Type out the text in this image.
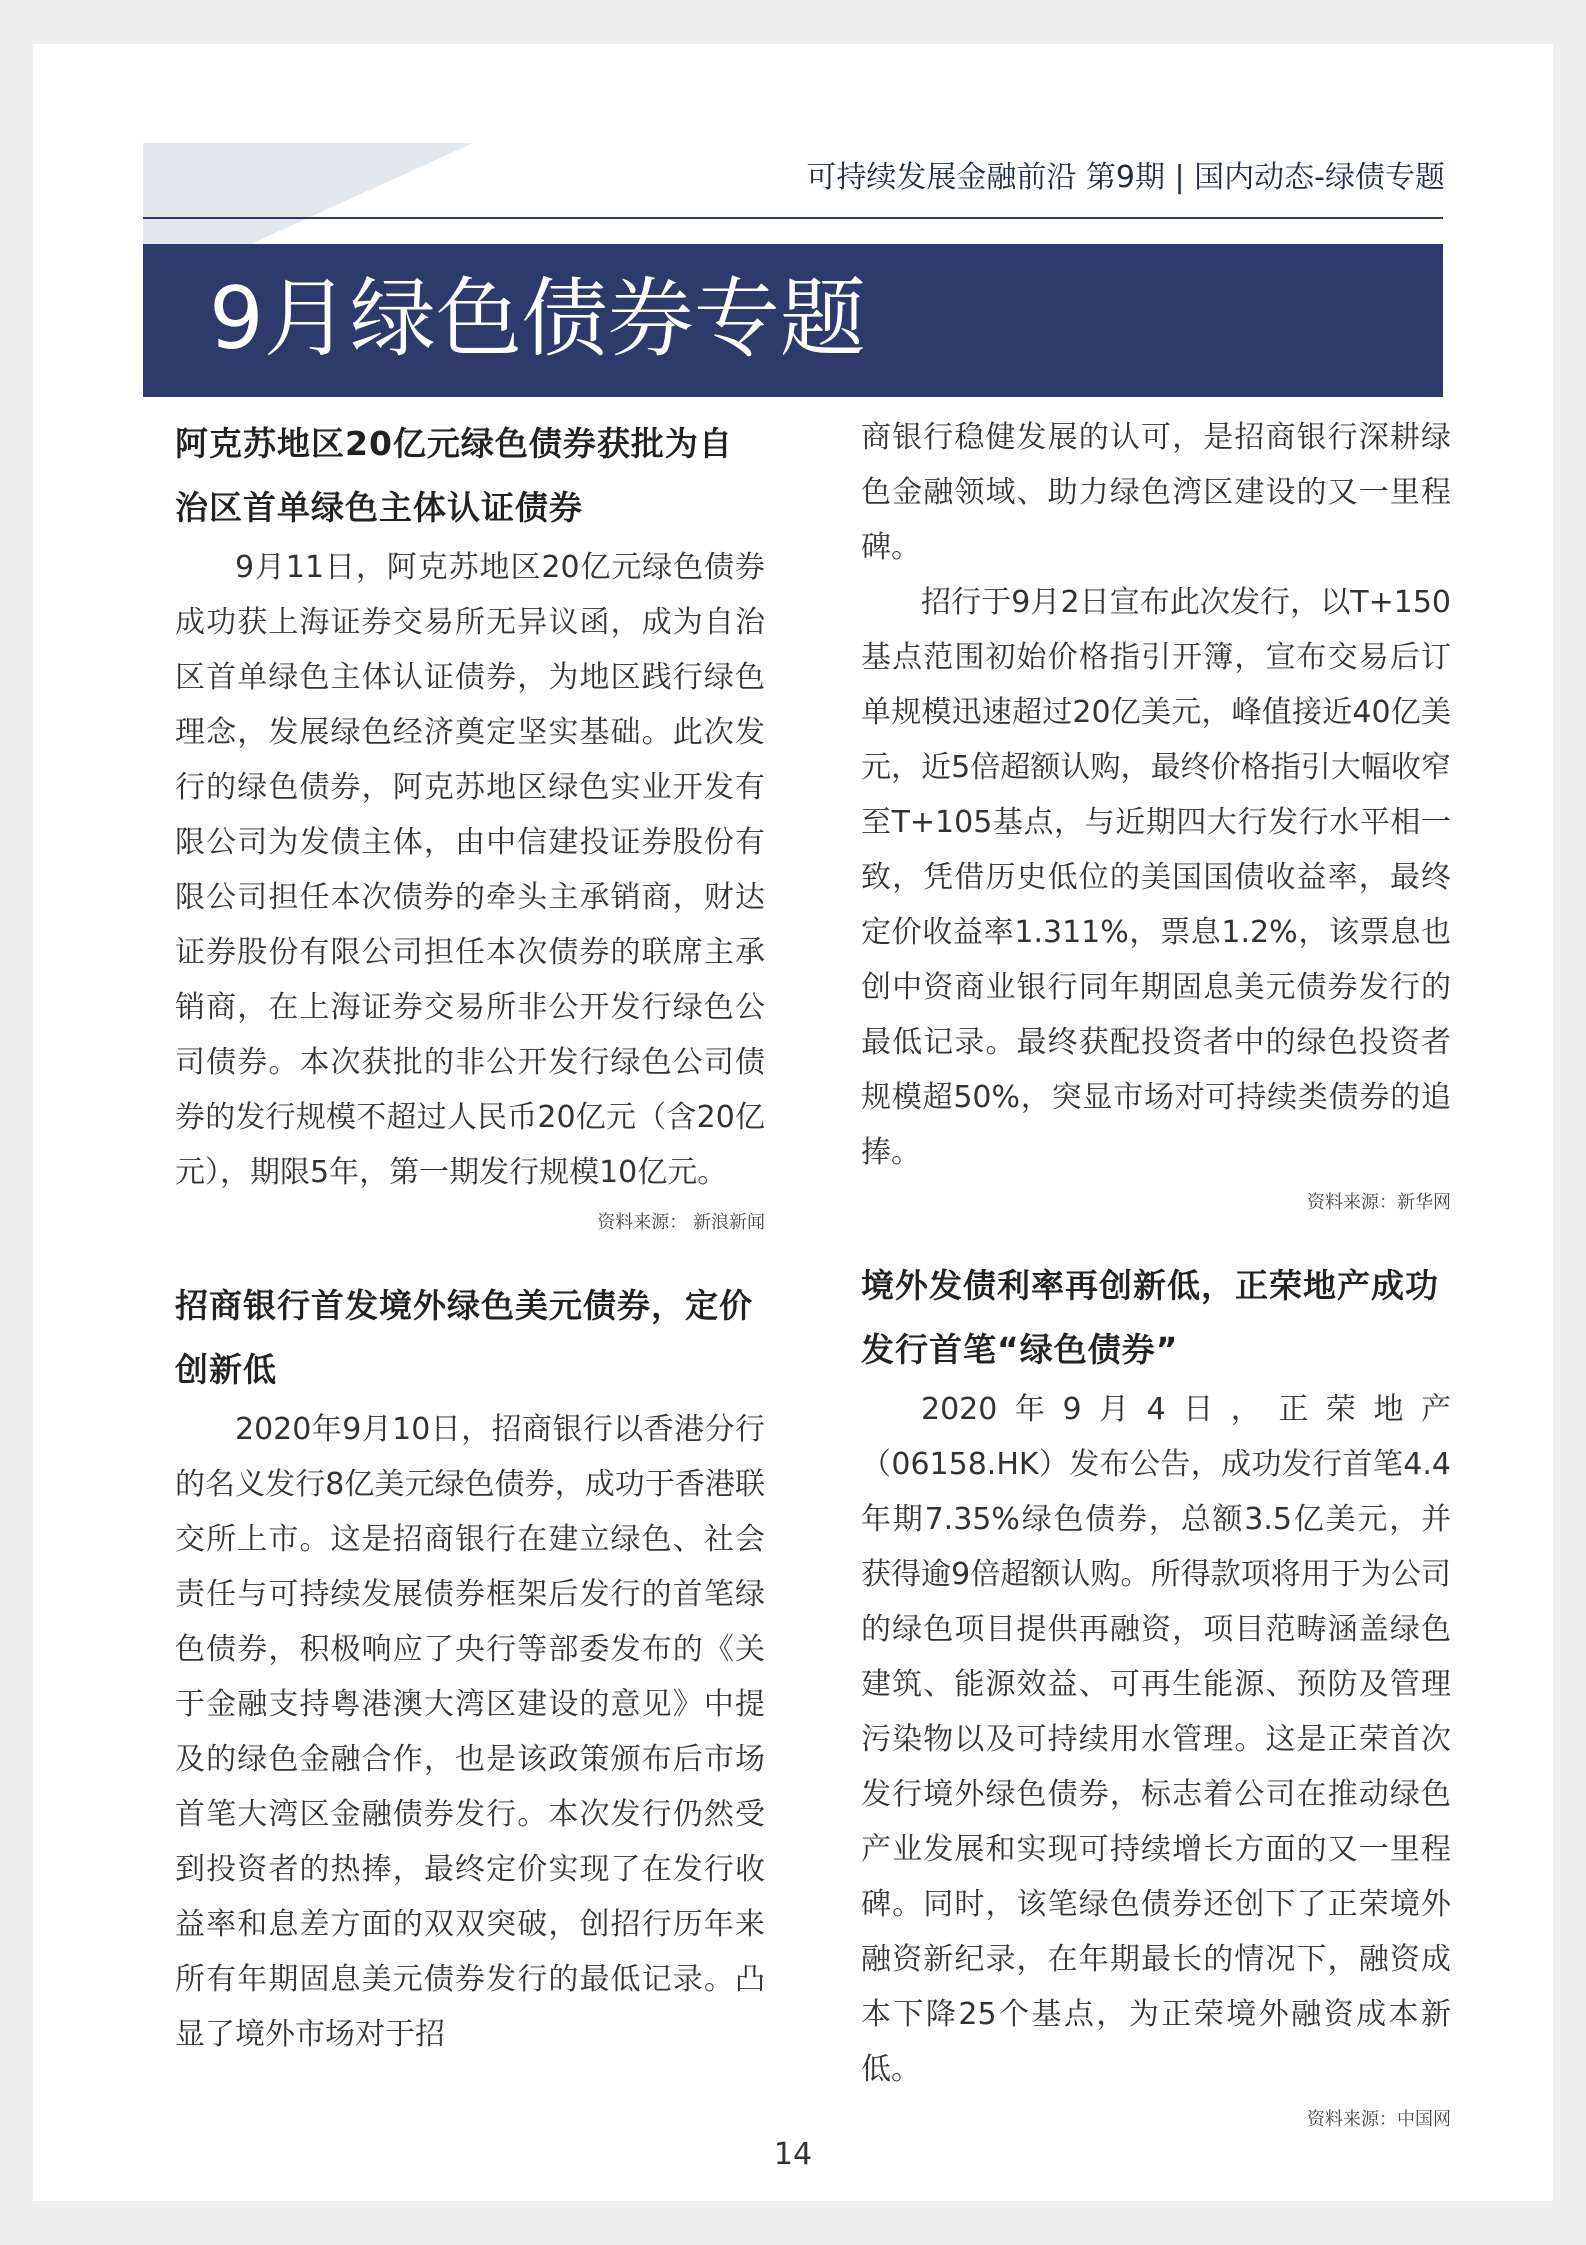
可持续发展金融前沿 第9期 | 国内动态-绿债专题
9月绿色债券专题

阿克苏地区20亿元绿色债券获批为自治区首单绿色主体认证债券

9月11日，阿克苏地区20亿元绿色债券成功获上海证券交易所无异议函，成为自治区首单绿色主体认证债券，为地区践行绿色理念，发展绿色经济奠定坚实基础。此次发行的绿色债券，阿克苏地区绿色实业开发有限公司为发债主体，由中信建投证券股份有限公司担任本次债券的牵头主承销商，财达证券股份有限公司担任本次债券的联席主承销商，在上海证券交易所非公开发行绿色公司债券。本次获批的非公开发行绿色公司债券的发行规模不超过人民币20亿元（含20亿元），期限5年，第一期发行规模10亿元。

资料来源： 新浪新闻

招商银行首发境外绿色美元债券，定价创新低

2020年9月10日，招商银行以香港分行的名义发行8亿美元绿色债券，成功于香港联交所上市。这是招商银行在建立绿色、社会责任与可持续发展债券框架后发行的首笔绿色债券，积极响应了央行等部委发布的《关于金融支持粤港澳大湾区建设的意见》中提及的绿色金融合作，也是该政策颁布后市场首笔大湾区金融债券发行。本次发行仍然受到投资者的热捧，最终定价实现了在发行收益率和息差方面的双双突破，创招行历年来所有年期固息美元债券发行的最低记录。凸显了境外市场对于招

商银行稳健发展的认可，是招商银行深耕绿色金融领域、助力绿色湾区建设的又一里程碑。

招行于9月2日宣布此次发行，以T+150基点范围初始价格指引开簿，宣布交易后订单规模迅速超过20亿美元，峰值接近40亿美元，近5倍超额认购，最终价格指引大幅收窄至T+105基点，与近期四大行发行水平相一致，凭借历史低位的美国国债收益率，最终定价收益率1.311%，票息1.2%，该票息也创中资商业银行同年期固息美元债券发行的最低记录。最终获配投资者中的绿色投资者规模超50%，突显市场对可持续类债券的追捧。

资料来源：新华网

境外发债利率再创新低，正荣地产成功发行首笔“绿色债券”

2020年9月4日，正荣地产（06158.HK）发布公告，成功发行首笔4.4年期7.35%绿色债券，总额3.5亿美元，并获得逾9倍超额认购。所得款项将用于为公司的绿色项目提供再融资，项目范畴涵盖绿色建筑、能源效益、可再生能源、预防及管理污染物以及可持续用水管理。这是正荣首次发行境外绿色债券，标志着公司在推动绿色产业发展和实现可持续增长方面的又一里程碑。同时，该笔绿色债券还创下了正荣境外融资新纪录，在年期最长的情况下，融资成本下降25个基点，为正荣境外融资成本新低。

资料来源：中国网
14
